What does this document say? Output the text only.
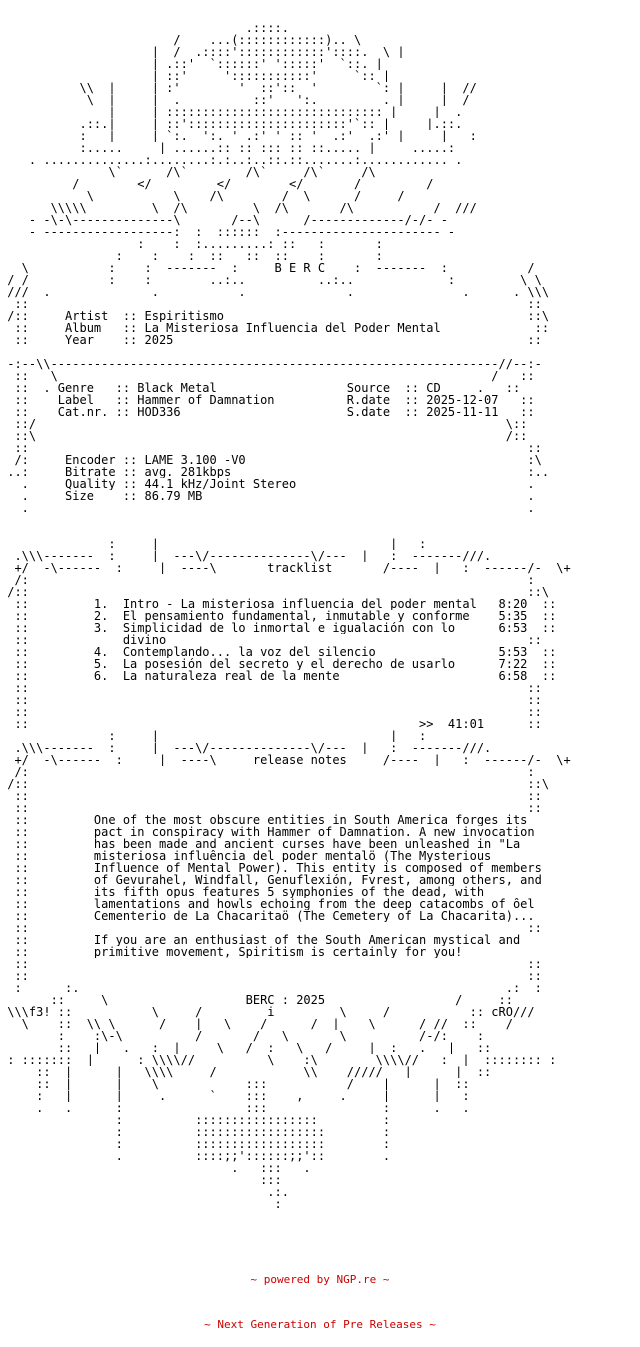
_ _____ _       .::::.         _ _____ _
_ /    ...(::::::::::::).. \  _
|  /  .::::'::::::::::::'::::.  \ |
| .::'  `::::::' ':::::'  `::. |
_ _____     | ::'     ':::::::::::'     `:: |     _____ _
\\  |     | :'        '  ::'::  '        `: |     |  //
\  |     |  .          ::'   ':.         . |     |  /
|     | :::::::::::::::::::::::::::::: |     |  .
.::.|     | ::'::::::::::::::::::::::'`:: |     |.::.
:   |     | `:.  ':. ' .:' ' :: '  .:'  .:' |     |   :
:.....     | ......:: :: ::: :: ::..... |     .....:
. ..............:........:.:..:..::.::.......:............ .
_ __  \`  __  /\` _______/\` __  /\` ____/\  __ _
/  __    </  ___    </  __    </  __   /_________/
___  \________   \____/\  ______/  \______/_____/  ____
\\\\\_________\__/\_________\__/\_______/\___________/  ///
- -\-\--------------\_______/--\______/-------------/-/- -
- ------------------:  :  ::::::  :---------------------- -
:    :  :.........: ::   :       :
___ _        :    :    :  ::   ::  ::    :       :        _ ___
_\_________  :    :  -------  :     B E R C    :  -------  :  _________/_
/ /           :    :        ..:..          ..:..             :         \ \
///  .              .           .              .               .      . \\\
::                                                                     ::
/::     Artist  :: Espiritismo                                          ::\
::     Album   :: La Misteriosa Influencia del Poder Mental             ::
::     Year    :: 2025                                                 ::
__ __                                                               __ __
-:--\\--------------------------------------------------------------//--:-
::   \                                                            /   ::
::  . Genre   :: Black Metal                  Source  :: CD     .   ::
::    Label   :: Hammer of Damnation          R.date  :: 2025-12-07   ::
_::    Cat.nr. :: HOD336                       S.date  :: 2025-11-11   ::_
::/                                                                 \::
::\_________________________________________________________________/::
::                                                                     ::
/:     Encoder :: LAME 3.100 -V0                                       :\
..:     Bitrate :: avg. 281kbps                                         :..
.     Quality :: 44.1 kHz/Joint Stereo                                .
.     Size    :: 86.79 MB                                             .
.                                                                     .
__ __ _      :     |  _ ____ _           _ ____ _   |   :      _ __ __
.\\\-------  :     |  ---\/--------------\/---  |   :  -------///.
+/  -\------  :     |  ----\       tracklist       /----  |   :  ------/-  \+
/:                                                                     :
/::                                                                     ::\
::         1.  Intro - La misteriosa influencia del poder mental   8:20  ::
::         2.  El pensamiento fundamental, inmutable y conforme    5:35  ::
::         3.  Simplicidad de lo inmortal e igualación con lo      6:53  ::
::             divino                                                  ::
::         4.  Contemplando... la voz del silencio                 5:53  ::
::         5.  La posesión del secreto y el derecho de usarlo      7:22  ::
::         6.  La naturaleza real de la mente                      6:58  ::
::                                                                     ::
::                                                                     ::
::                                                          _______    ::
::                                                      >>  41:01      ::
__ __ _      :     |  _ ____ _           _ ____ _   |   :      _ __ __
.\\\-------  :     |  ---\/--------------\/---  |   :  -------///.
+/  -\------  :     |  ----\     release notes     /----  |   :  ------/-  \+
/:                                                                     :
/::                                                                     ::\
::                                                                     ::
::                                                                     ::
::         One of the most obscure entities in South America forges its
::         pact in conspiracy with Hammer of Damnation. A new invocation
::         has been made and ancient curses have been unleashed in "La
::         misteriosa influência del poder mentalö (The Mysterious
::         Influence of Mental Power). This entity is composed of members
::         of Gevurahel, Windfall, Genuflexión, Fvrest, among others, and
::         its fifth opus features 5 symphonies of the dead, with
::         lamentations and howls echoing from the deep catacombs of ôel
::         Cementerio de La Chacaritaö (The Cemetery of La Chacarita)...
::                                                                     ::
::         If you are an enthusiast of the South American mystical and
::         primitive movement, Spiritism is certainly for you!
::                                                                     ::
::                                                                     ::
:      :.            _                                  _           .:  :
__   ::     \___________        BERC : 2025       ___________/     ::   __
\\\f3! ::  ____ ____\  _  /_________i_________\  _  /____ ____  :: cRO///
\    ::  \\ \_  _  /____|   \____/  ____/  |____\  _  _/ //  ::    /
:    :\-\__________/  _____/   \_____  \__________/-/:    :
::   |   .   :  |     \   /  :   \   /     |  :   .   |   ::
: :::::::  |      : \\\\//    ______\____:\_______ \\\\//   :  |  :::::::: :
::  |      |   \\\\_____/____________\\____/////   |      |  ::
::  |      |    \            :::           /    |      |  ::
:   |      |     .      `    :::    ,     .     |      |   :
.   .      :                 :::                :      .   .
:          :::::::::::::::::         :
:          ::::::::::::::::::        :
:          ::::::::::::::::::        :
.          ::::;;'::::::;;'::        .
.   :::   .
:::
.:.
:

~ powered by NGP.re ~

~ Next Generation of Pre Releases ~
